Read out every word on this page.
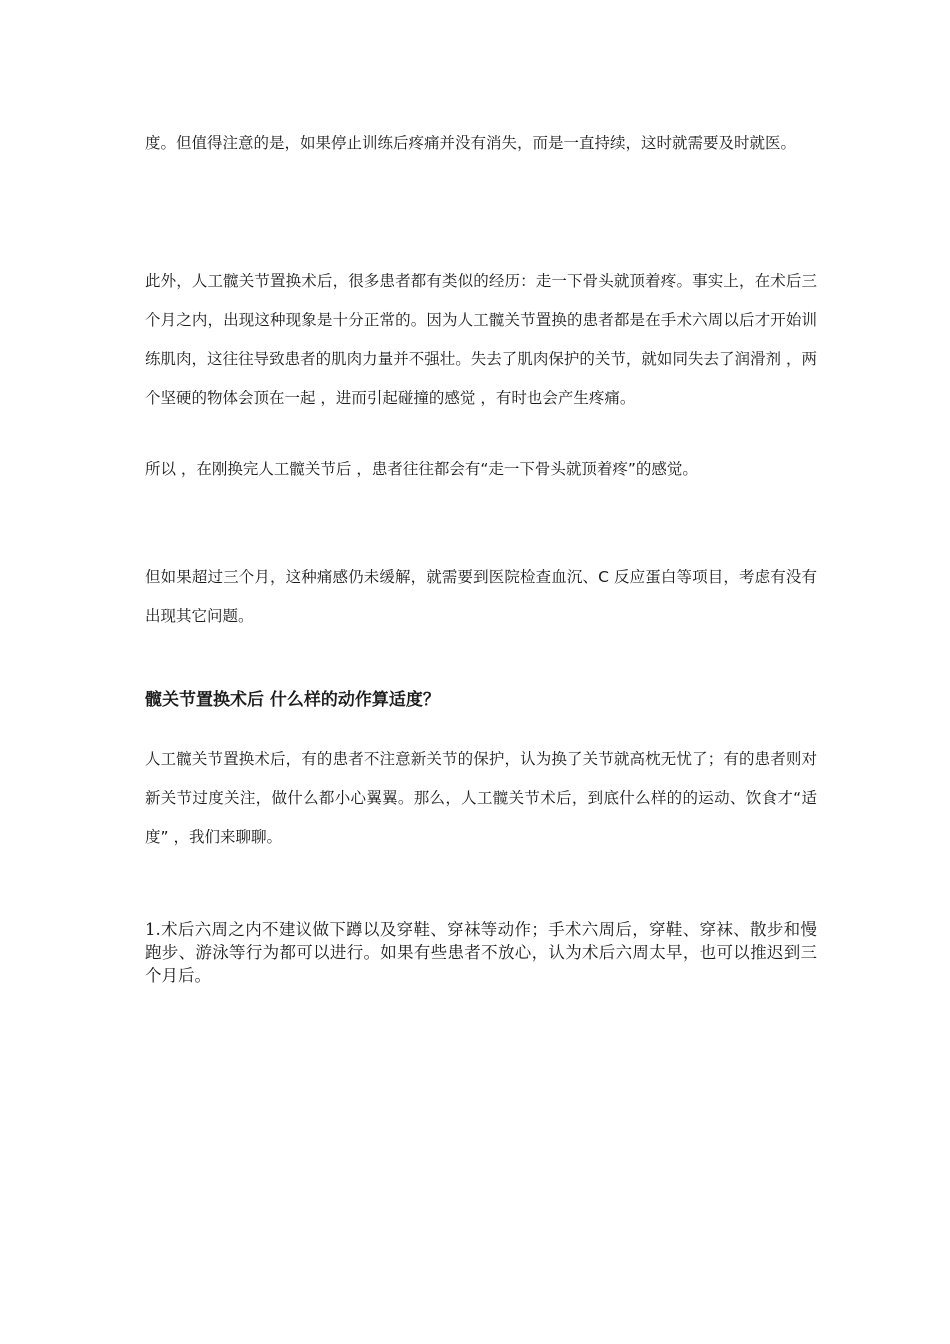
度。但值得注意的是，如果停止训练后疼痛并没有消失，而是一直持续，这时就需要及时就医。

此外，人工髋关节置换术后，很多患者都有类似的经历：走一下骨头就顶着疼。事实上，在术后三个月之内，出现这种现象是十分正常的。因为人工髋关节置换的患者都是在手术六周以后才开始训练肌肉，这往往导致患者的肌肉力量并不强壮。失去了肌肉保护的关节，就如同失去了润滑剂 ，两个坚硬的物体会顶在一起 ，进而引起碰撞的感觉 ，有时也会产生疼痛。

所以 ，在刚换完人工髋关节后 ，患者往往都会有“走一下骨头就顶着疼”的感觉。

但如果超过三个月，这种痛感仍未缓解，就需要到医院检查血沉、C 反应蛋白等项目，考虑有没有出现其它问题。

髋关节置换术后 什么样的动作算适度？

人工髋关节置换术后，有的患者不注意新关节的保护，认为换了关节就高枕无忧了；有的患者则对新关节过度关注，做什么都小心翼翼。那么，人工髋关节术后，到底什么样的的运动、饮食才“适度” ，我们来聊聊。

1.术后六周之内不建议做下蹲以及穿鞋、穿袜等动作；手术六周后，穿鞋、穿袜、散步和慢跑步、游泳等行为都可以进行。如果有些患者不放心，认为术后六周太早，也可以推迟到三个月后。
